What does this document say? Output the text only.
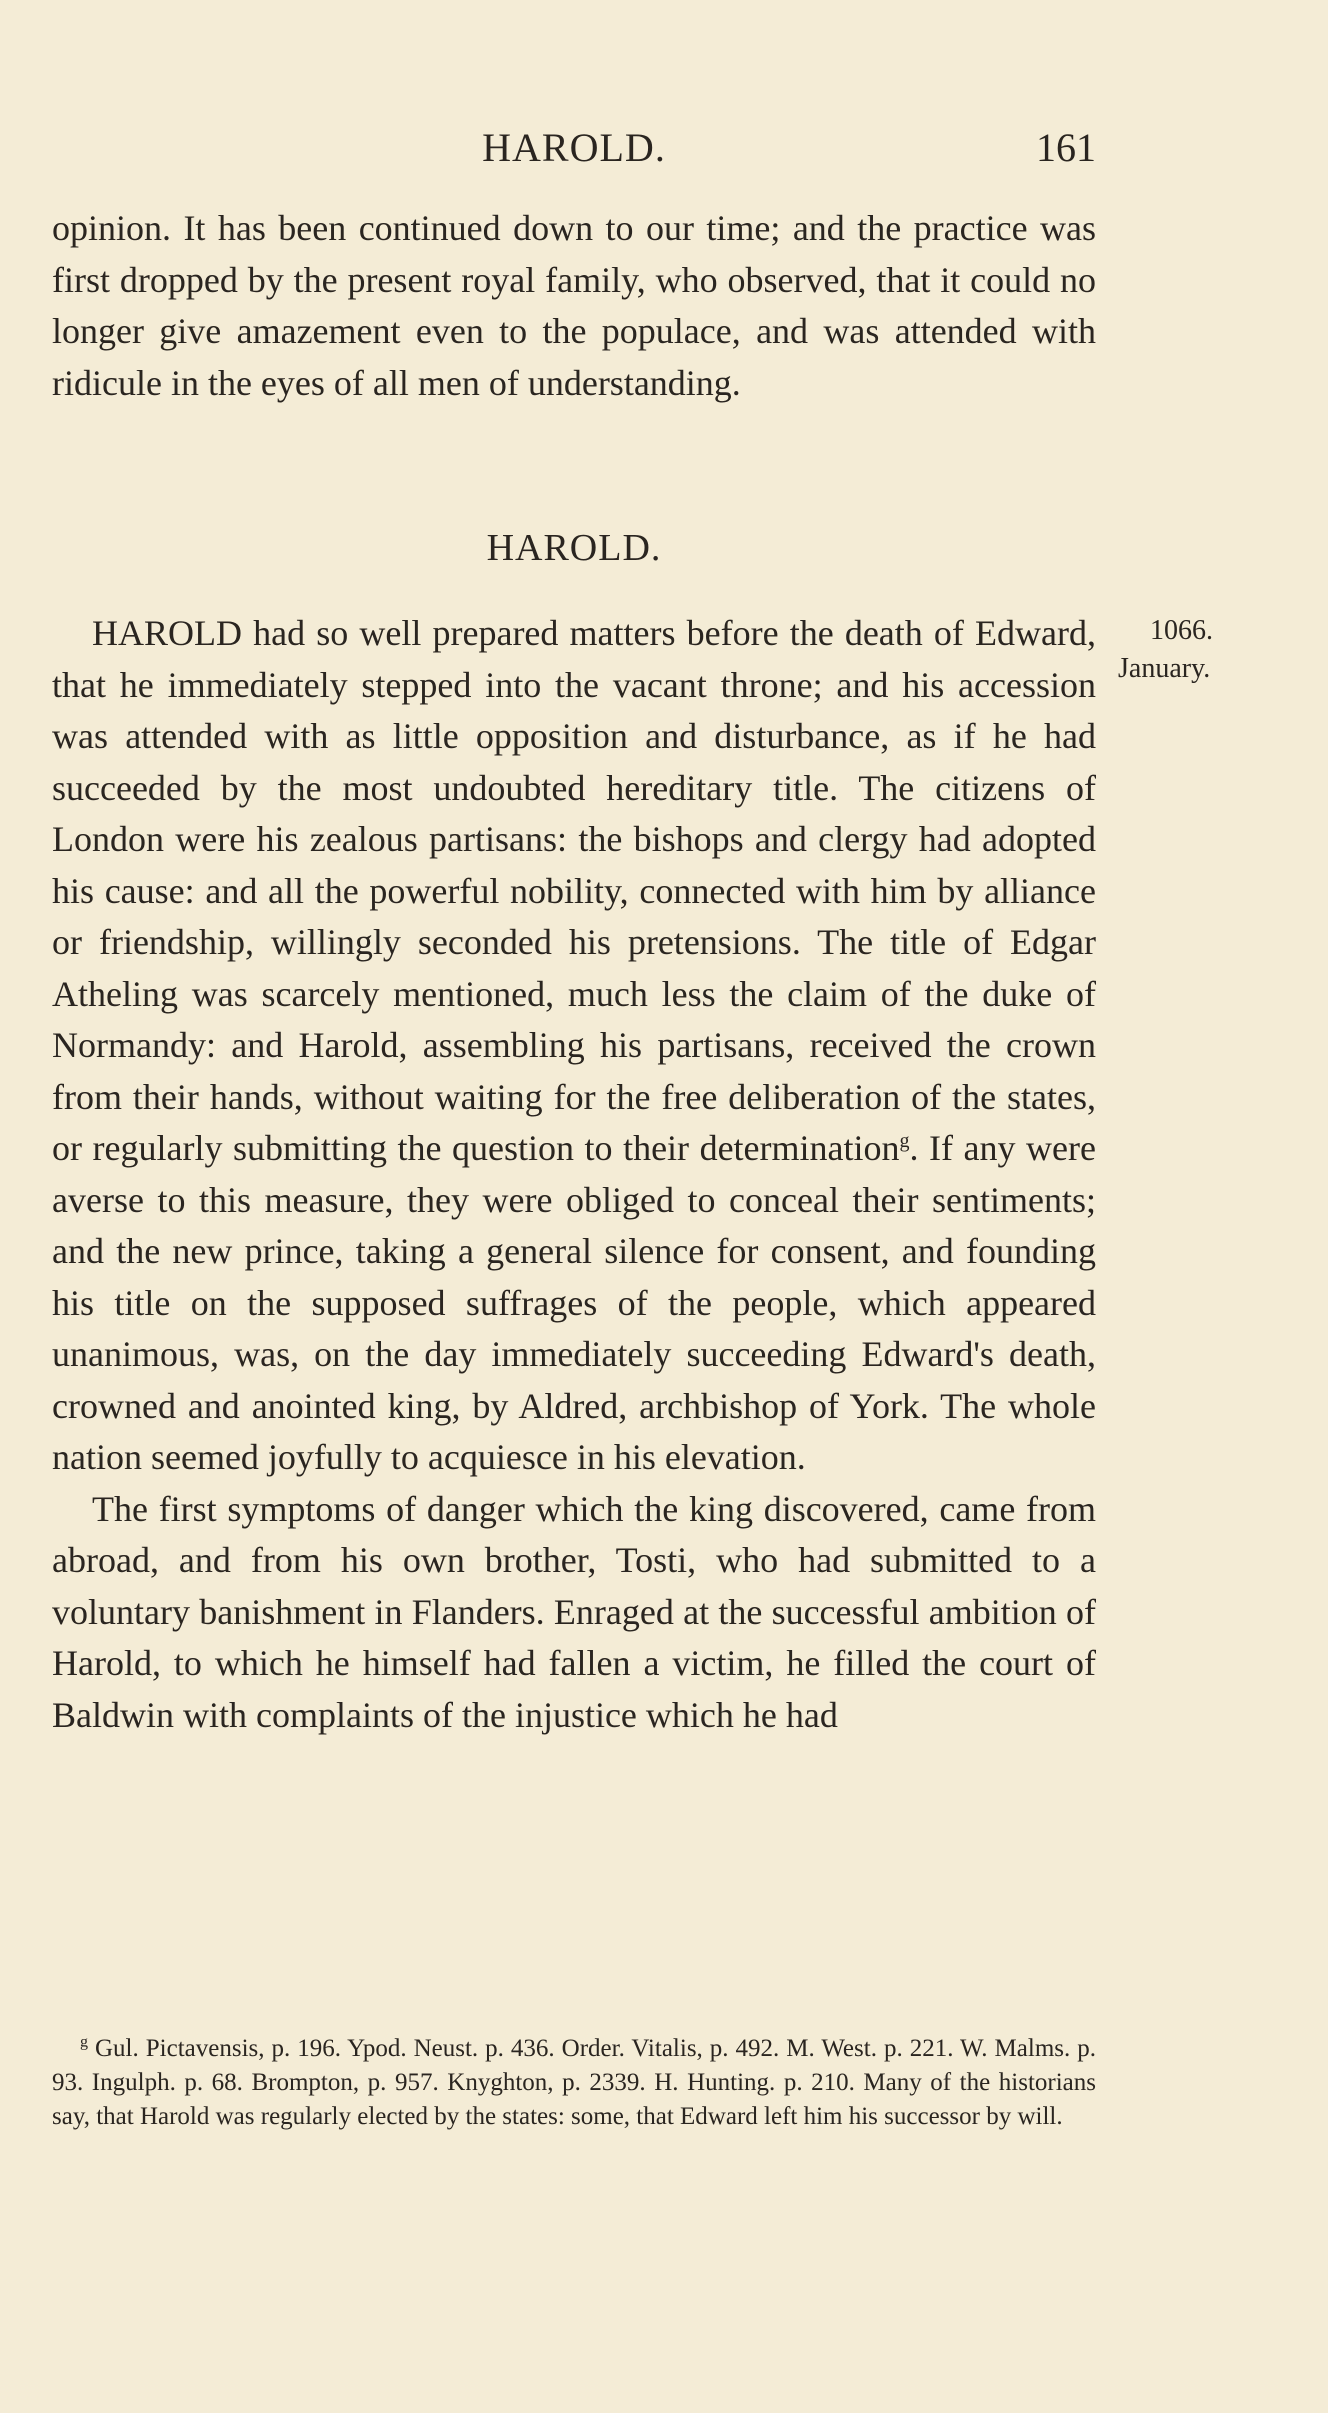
HAROLD.	161

opinion. It has been continued down to our time; and the practice was first dropped by the present royal family, who observed, that it could no longer give amazement even to the populace, and was attended with ridicule in the eyes of all men of understanding.

HAROLD.
1066.
January.

HAROLD had so well prepared matters before the death of Edward, that he immediately stepped into the vacant throne; and his accession was attended with as little opposition and disturbance, as if he had succeeded by the most undoubted hereditary title. The citizens of London were his zealous partisans: the bishops and clergy had adopted his cause: and all the powerful nobility, connected with him by alliance or friendship, willingly seconded his pretensions. The title of Edgar Atheling was scarcely mentioned, much less the claim of the duke of Normandy: and Harold, assembling his partisans, received the crown from their hands, without waiting for the free deliberation of the states, or regularly submitting the question to their determination$^g$. If any were averse to this measure, they were obliged to conceal their sentiments; and the new prince, taking a general silence for consent, and founding his title on the supposed suffrages of the people, which appeared unanimous, was, on the day immediately succeeding Edward's death, crowned and anointed king, by Aldred, archbishop of York. The whole nation seemed joyfully to acquiesce in his elevation.

The first symptoms of danger which the king discovered, came from abroad, and from his own brother, Tosti, who had submitted to a voluntary banishment in Flanders. Enraged at the successful ambition of Harold, to which he himself had fallen a victim, he filled the court of Baldwin with complaints of the injustice which he had

$^g$ Gul. Pictavensis, p. 196. Ypod. Neust. p. 436. Order. Vitalis, p. 492. M. West. p. 221. W. Malms. p. 93. Ingulph. p. 68. Brompton, p. 957. Knyghton, p. 2339. H. Hunting. p. 210. Many of the historians say, that Harold was regularly elected by the states: some, that Edward left him his successor by will.
